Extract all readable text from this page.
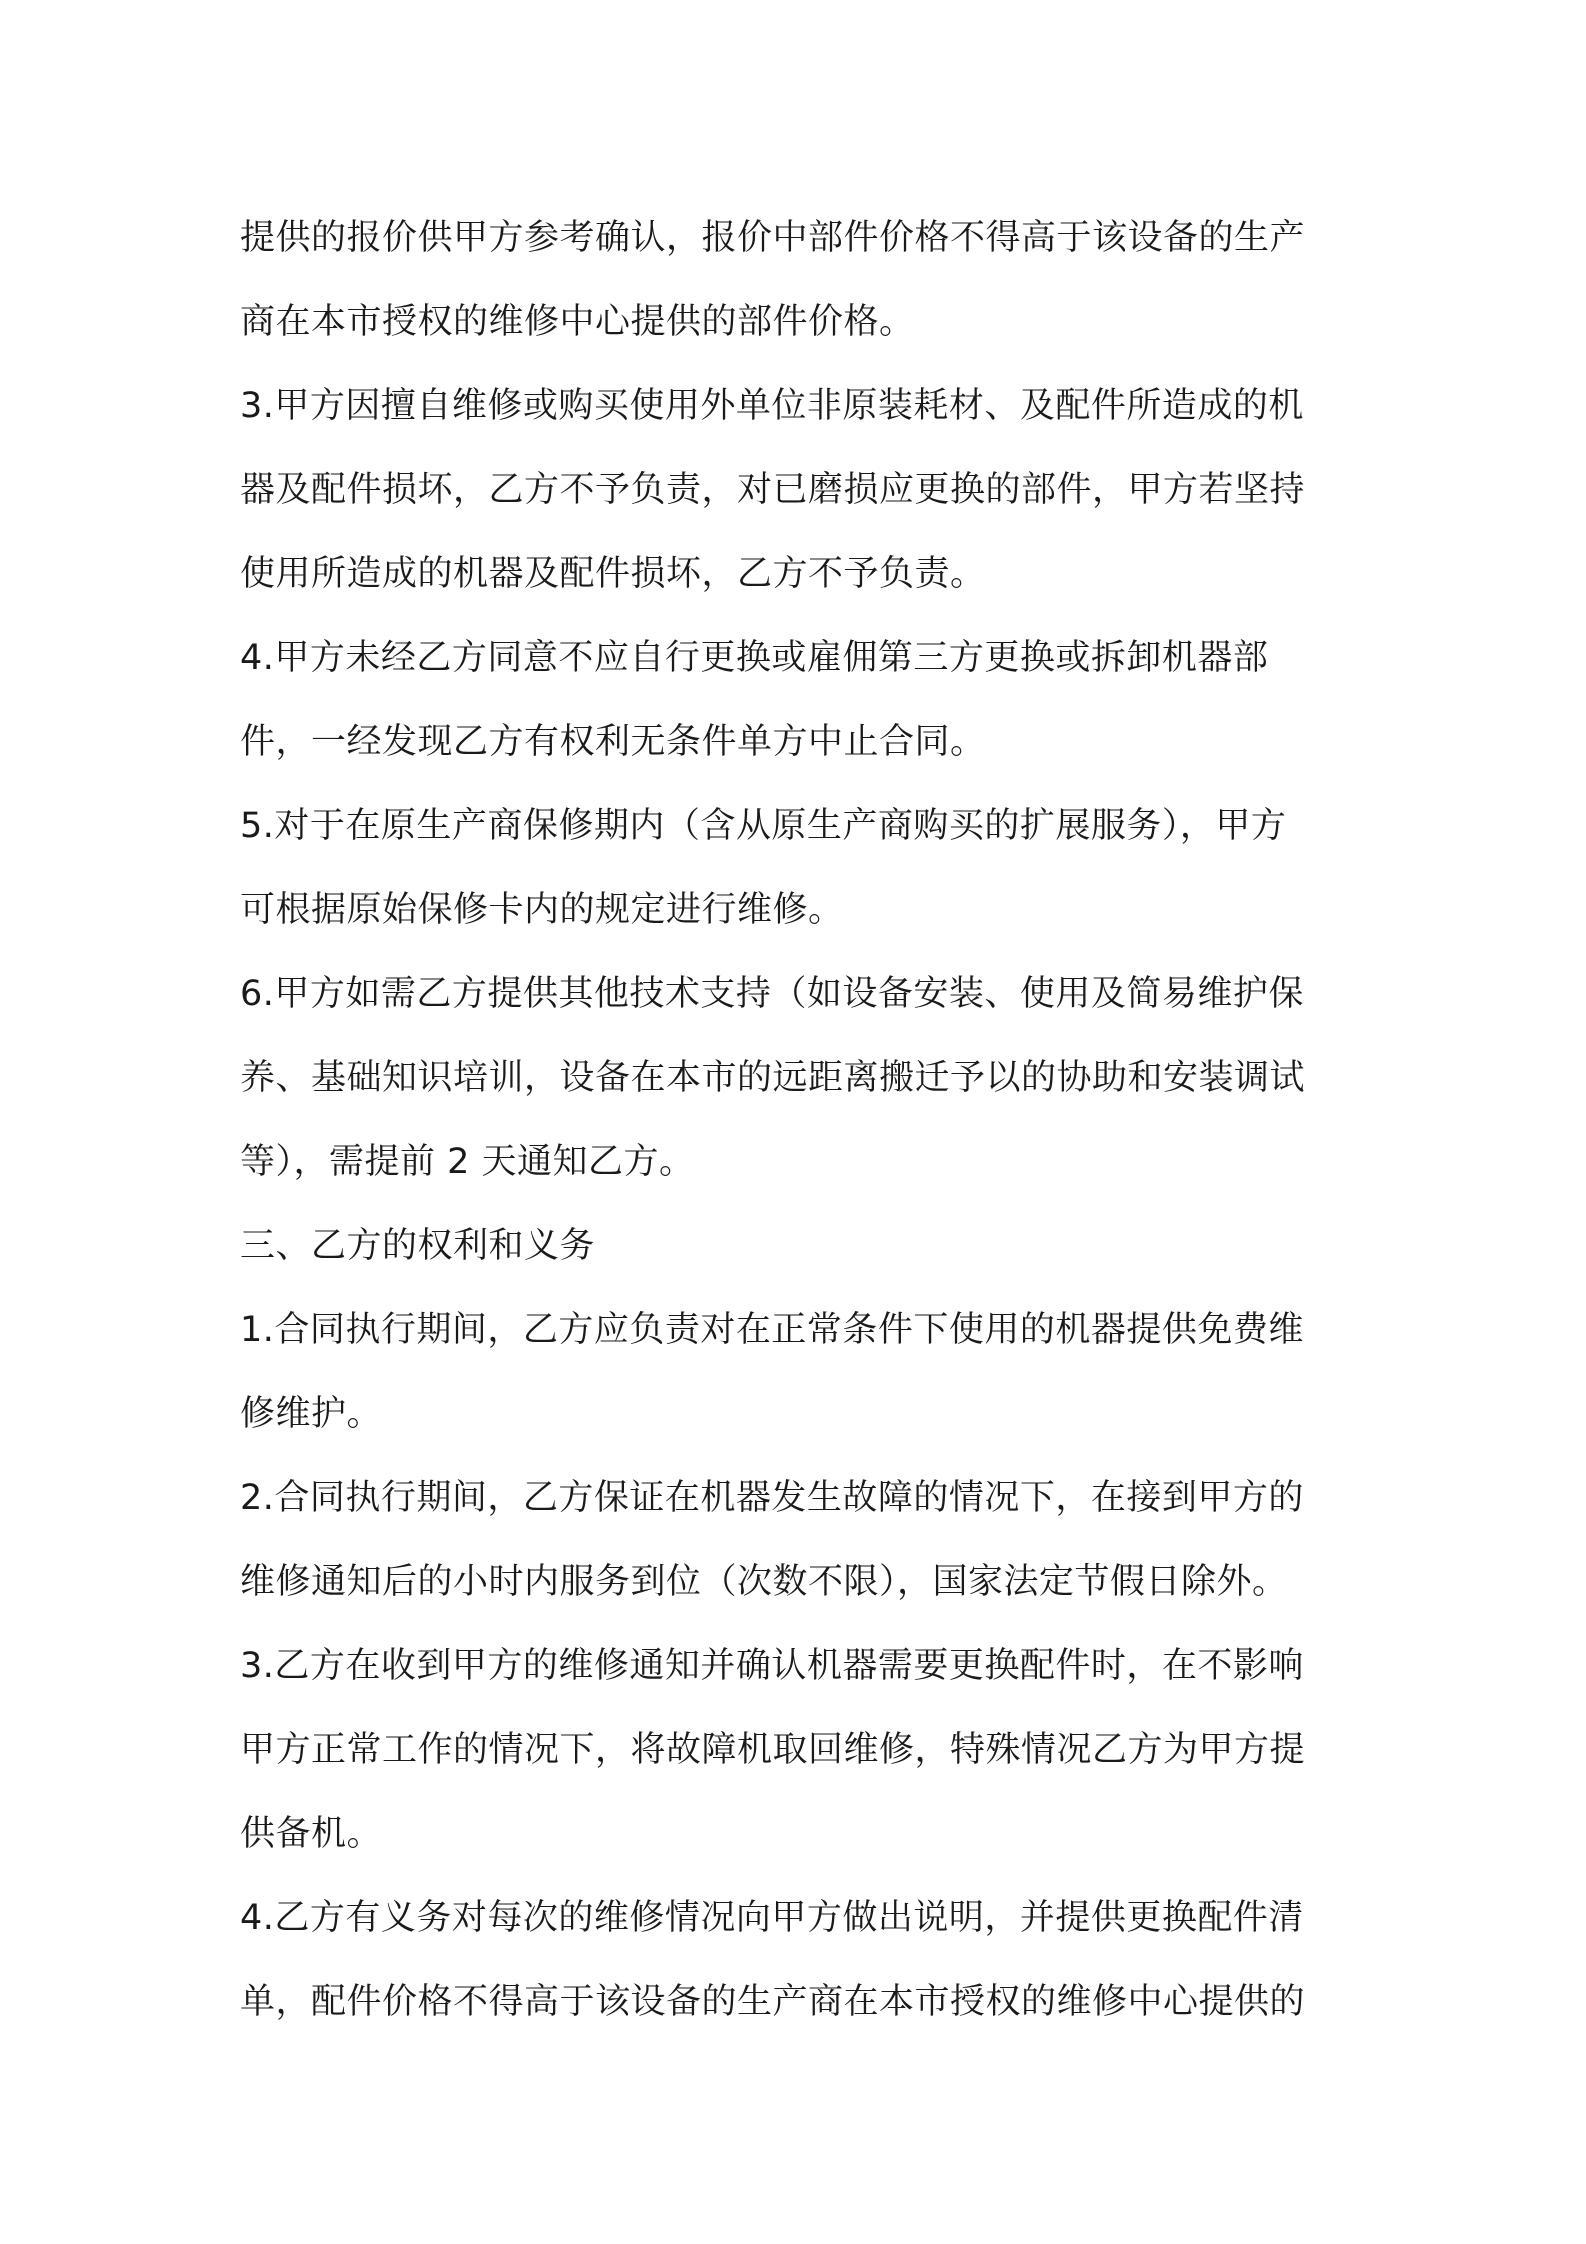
提供的报价供甲方参考确认，报价中部件价格不得高于该设备的生产
商在本市授权的维修中心提供的部件价格。
3.甲方因擅自维修或购买使用外单位非原装耗材、及配件所造成的机
器及配件损坏，乙方不予负责，对已磨损应更换的部件，甲方若坚持
使用所造成的机器及配件损坏，乙方不予负责。
4.甲方未经乙方同意不应自行更换或雇佣第三方更换或拆卸机器部
件，一经发现乙方有权利无条件单方中止合同。
5.对于在原生产商保修期内（含从原生产商购买的扩展服务），甲方
可根据原始保修卡内的规定进行维修。
6.甲方如需乙方提供其他技术支持（如设备安装、使用及简易维护保
养、基础知识培训，设备在本市的远距离搬迁予以的协助和安装调试
等），需提前 2 天通知乙方。
三、乙方的权利和义务
1.合同执行期间，乙方应负责对在正常条件下使用的机器提供免费维
修维护。
2.合同执行期间，乙方保证在机器发生故障的情况下，在接到甲方的
维修通知后的小时内服务到位（次数不限），国家法定节假日除外。
3.乙方在收到甲方的维修通知并确认机器需要更换配件时，在不影响
甲方正常工作的情况下，将故障机取回维修，特殊情况乙方为甲方提
供备机。
4.乙方有义务对每次的维修情况向甲方做出说明，并提供更换配件清
单，配件价格不得高于该设备的生产商在本市授权的维修中心提供的
